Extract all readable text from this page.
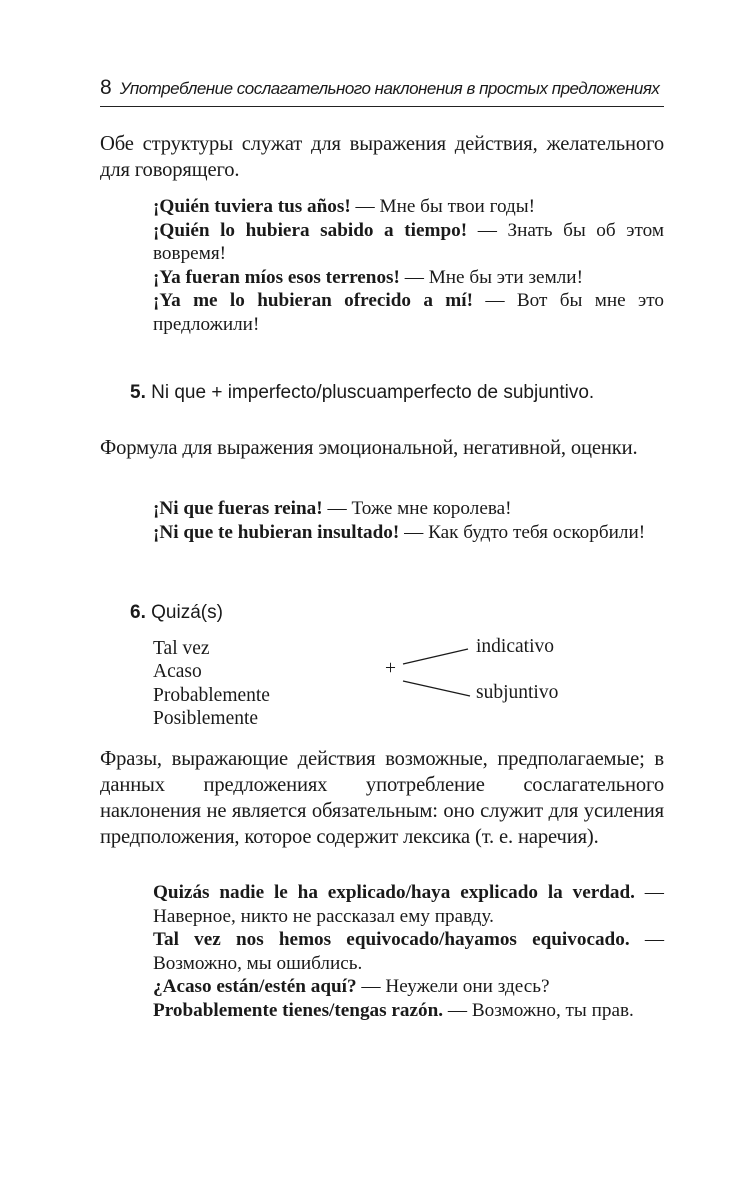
8 Употребление сослагательного наклонения в простых предложениях
Обе структуры служат для выражения действия, желательного для говорящего.

¡Quién tuviera tus años! — Мне бы твои годы!

¡Quién lo hubiera sabido a tiempo! — Знать бы об этом вовремя!

¡Ya fueran míos esos terrenos! — Мне бы эти земли!

¡Ya me lo hubieran ofrecido a mí! — Вот бы мне это предложили!

5. Ni que + imperfecto/pluscuamperfecto de subjuntivo.
Формула для выражения эмоциональной, негативной, оценки.

¡Ni que fueras reina! — Тоже мне королева!

¡Ni que te hubieran insultado! — Как будто тебя оскорбили!

6. Quizá(s)
Tal vez
Acaso
Probablemente
Posiblemente
+
indicativo
subjuntivo
Фразы, выражающие действия возможные, предполагаемые; в данных предложениях употребление сослагательного наклонения не является обязательным: оно служит для усиления предположения, которое содержит лексика (т. е. наречия).

Quizás nadie le ha explicado/haya explicado la verdad. — Наверное, никто не рассказал ему правду.

Tal vez nos hemos equivocado/hayamos equivocado. — Возможно, мы ошиблись.

¿Acaso están/estén aquí? — Неужели они здесь?

Probablemente tienes/tengas razón. — Возможно, ты прав.
